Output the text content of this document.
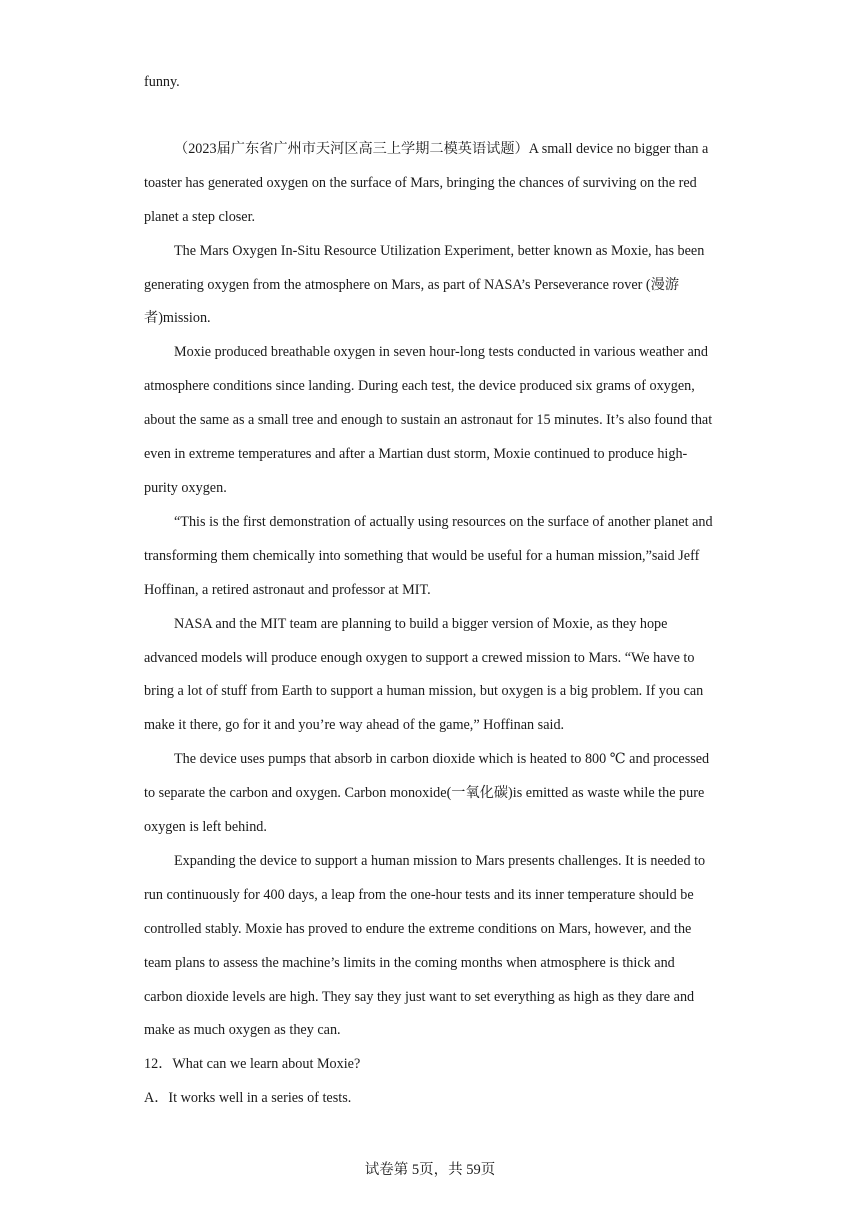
funny.

（2023届广东省广州市天河区高三上学期二模英语试题）A small device no bigger than a toaster has generated oxygen on the surface of Mars, bringing the chances of surviving on the red planet a step closer.

The Mars Oxygen In-Situ Resource Utilization Experiment, better known as Moxie, has been generating oxygen from the atmosphere on Mars, as part of NASA’s Perseverance rover (漫游者)mission.

Moxie produced breathable oxygen in seven hour-long tests conducted in various weather and atmosphere conditions since landing. During each test, the device produced six grams of oxygen, about the same as a small tree and enough to sustain an astronaut for 15 minutes. It’s also found that even in extreme temperatures and after a Martian dust storm, Moxie continued to produce high-purity oxygen.

“This is the first demonstration of actually using resources on the surface of another planet and transforming them chemically into something that would be useful for a human mission,”said Jeff Hoffinan, a retired astronaut and professor at MIT.

NASA and the MIT team are planning to build a bigger version of Moxie, as they hope advanced models will produce enough oxygen to support a crewed mission to Mars. “We have to bring a lot of stuff from Earth to support a human mission, but oxygen is a big problem. If you can make it there, go for it and you’re way ahead of the game,” Hoffinan said.

The device uses pumps that absorb in carbon dioxide which is heated to 800 ℃ and processed to separate the carbon and oxygen. Carbon monoxide(一氧化碳)is emitted as waste while the pure oxygen is left behind.

Expanding the device to support a human mission to Mars presents challenges. It is needed to run continuously for 400 days, a leap from the one-hour tests and its inner temperature should be controlled stably. Moxie has proved to endure the extreme conditions on Mars, however, and the team plans to assess the machine’s limits in the coming months when atmosphere is thick and carbon dioxide levels are high. They say they just want to set everything as high as they dare and make as much oxygen as they can.

12．What can we learn about Moxie?

A．It works well in a series of tests.

试卷第 5页，共 59页
